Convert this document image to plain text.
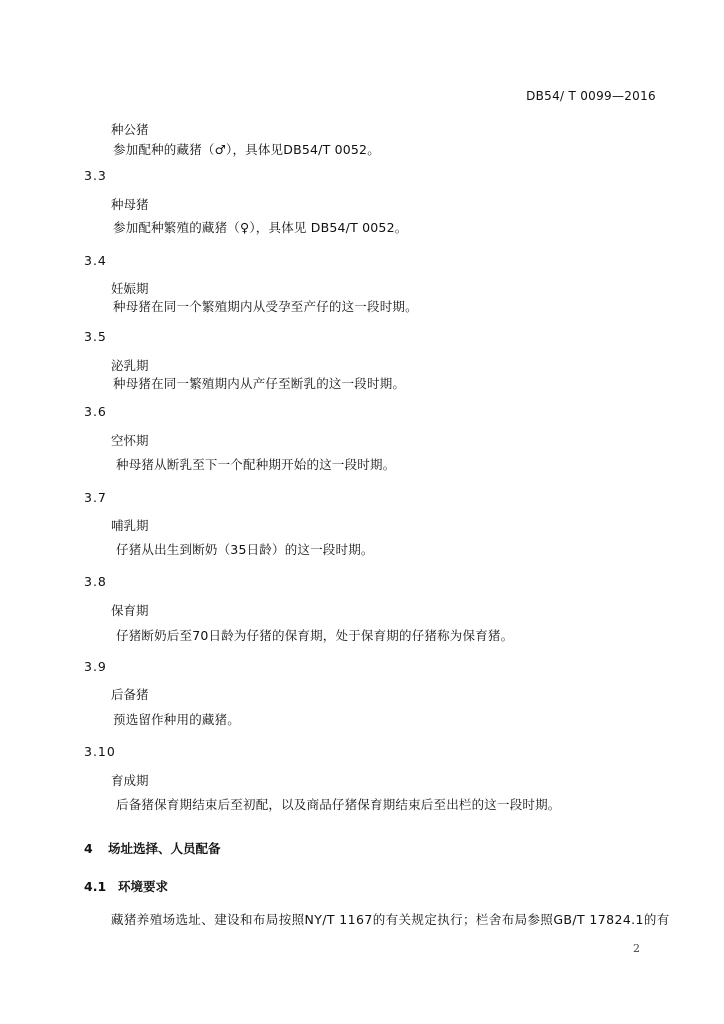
DB54/ T 0099—2016
种公猪
参加配种的藏猪（♂），具体见DB54/T 0052。
3.3
种母猪
参加配种繁殖的藏猪（♀），具体见 DB54/T 0052。
3.4
妊娠期
种母猪在同一个繁殖期内从受孕至产仔的这一段时期。
3.5
泌乳期
种母猪在同一繁殖期内从产仔至断乳的这一段时期。
3.6
空怀期
种母猪从断乳至下一个配种期开始的这一段时期。
3.7
哺乳期
仔猪从出生到断奶（35日龄）的这一段时期。
3.8
保育期
仔猪断奶后至70日龄为仔猪的保育期，处于保育期的仔猪称为保育猪。
3.9
后备猪
预选留作种用的藏猪。
3.10
育成期
后备猪保育期结束后至初配，以及商品仔猪保育期结束后至出栏的这一段时期。
4 场址选择、人员配备
4.1 环境要求
藏猪养殖场选址、建设和布局按照NY/T 1167的有关规定执行；栏舍布局参照GB/T 17824.1的有
2
